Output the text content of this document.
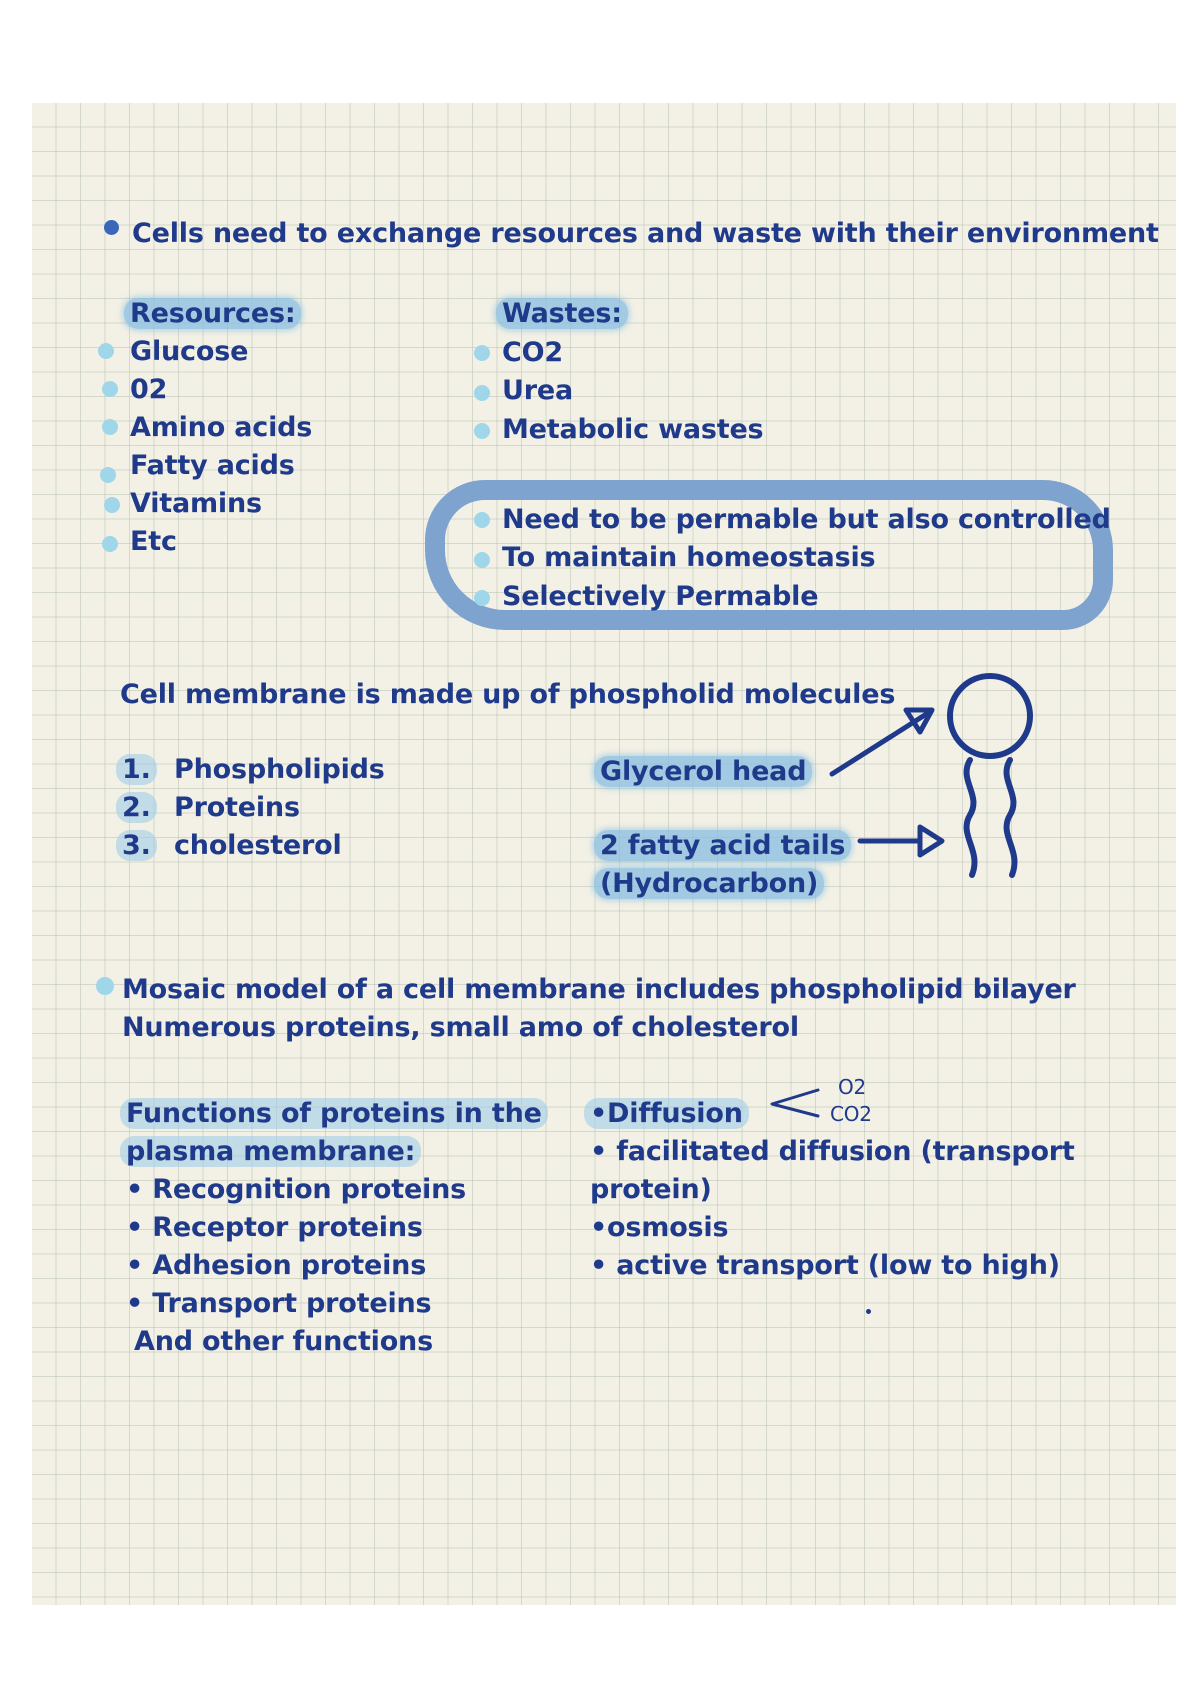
Cells need to exchange resources and waste with their environment

Resources:

Glucose

02

Amino acids

Fatty acids

Vitamins

Etc

Wastes:

CO2

Urea

Metabolic wastes

Need to be permable but also controlled

To maintain homeostasis

Selectively Permable

Cell membrane is made up of phospholid molecules

1. Phospholipids

2. Proteins

3. cholesterol

Glycerol head

2 fatty acid tails

(Hydrocarbon)

Mosaic model of a cell membrane includes phospholipid bilayer

Numerous proteins, small amo of cholesterol

Functions of proteins in the

plasma membrane:

• Recognition proteins

• Receptor proteins

• Adhesion proteins

• Transport proteins

And other functions

•Diffusion

O2

CO2

• facilitated diffusion (transport

protein)

•osmosis

• active transport (low to high)
